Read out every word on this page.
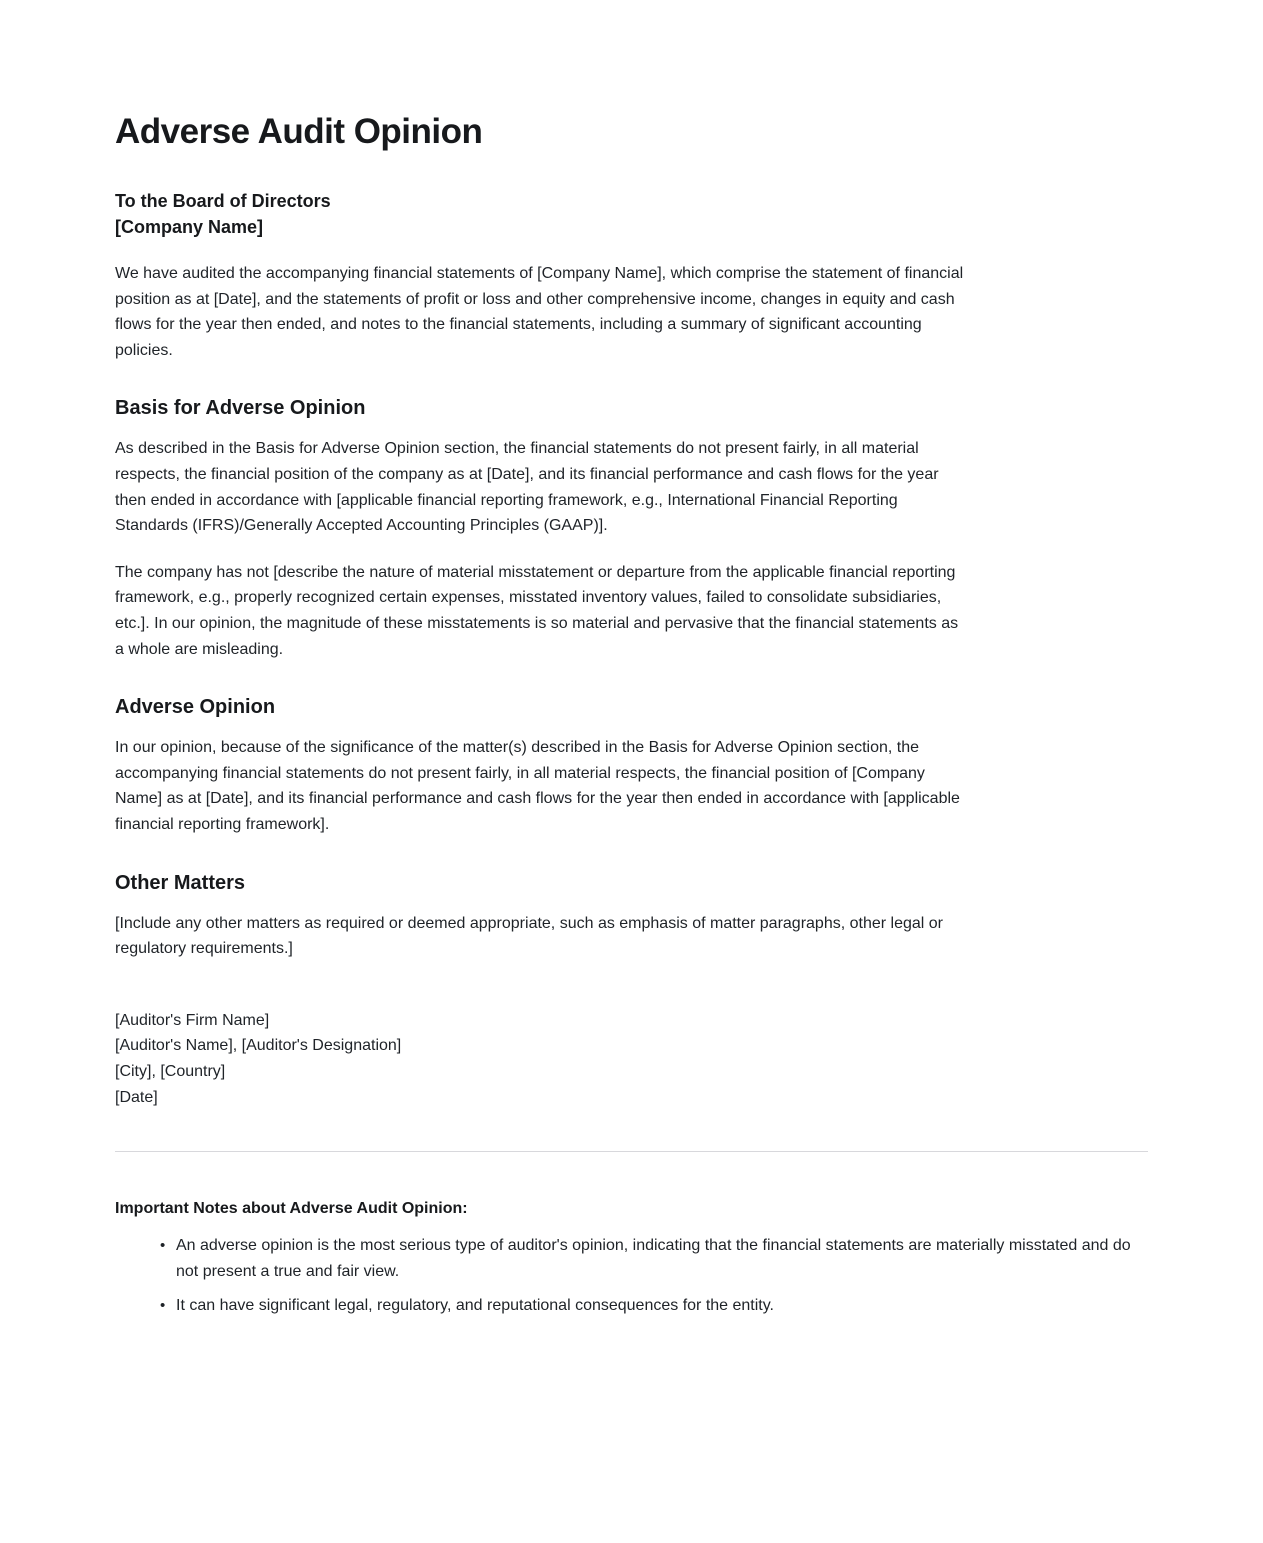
Adverse Audit Opinion
To the Board of Directors
[Company Name]

We have audited the accompanying financial statements of [Company Name], which comprise the statement of financial position as at [Date], and the statements of profit or loss and other comprehensive income, changes in equity and cash flows for the year then ended, and notes to the financial statements, including a summary of significant accounting policies.

Basis for Adverse Opinion

As described in the Basis for Adverse Opinion section, the financial statements do not present fairly, in all material respects, the financial position of the company as at [Date], and its financial performance and cash flows for the year then ended in accordance with [applicable financial reporting framework, e.g., International Financial Reporting Standards (IFRS)/Generally Accepted Accounting Principles (GAAP)].

The company has not [describe the nature of material misstatement or departure from the applicable financial reporting framework, e.g., properly recognized certain expenses, misstated inventory values, failed to consolidate subsidiaries, etc.]. In our opinion, the magnitude of these misstatements is so material and pervasive that the financial statements as a whole are misleading.

Adverse Opinion

In our opinion, because of the significance of the matter(s) described in the Basis for Adverse Opinion section, the accompanying financial statements do not present fairly, in all material respects, the financial position of [Company Name] as at [Date], and its financial performance and cash flows for the year then ended in accordance with [applicable financial reporting framework].

Other Matters

[Include any other matters as required or deemed appropriate, such as emphasis of matter paragraphs, other legal or regulatory requirements.]

[Auditor's Firm Name]
[Auditor's Name], [Auditor's Designation]
[City], [Country]
[Date]

Important Notes about Adverse Audit Opinion:

• An adverse opinion is the most serious type of auditor's opinion, indicating that the financial statements are materially misstated and do not present a true and fair view.
• It can have significant legal, regulatory, and reputational consequences for the entity.
